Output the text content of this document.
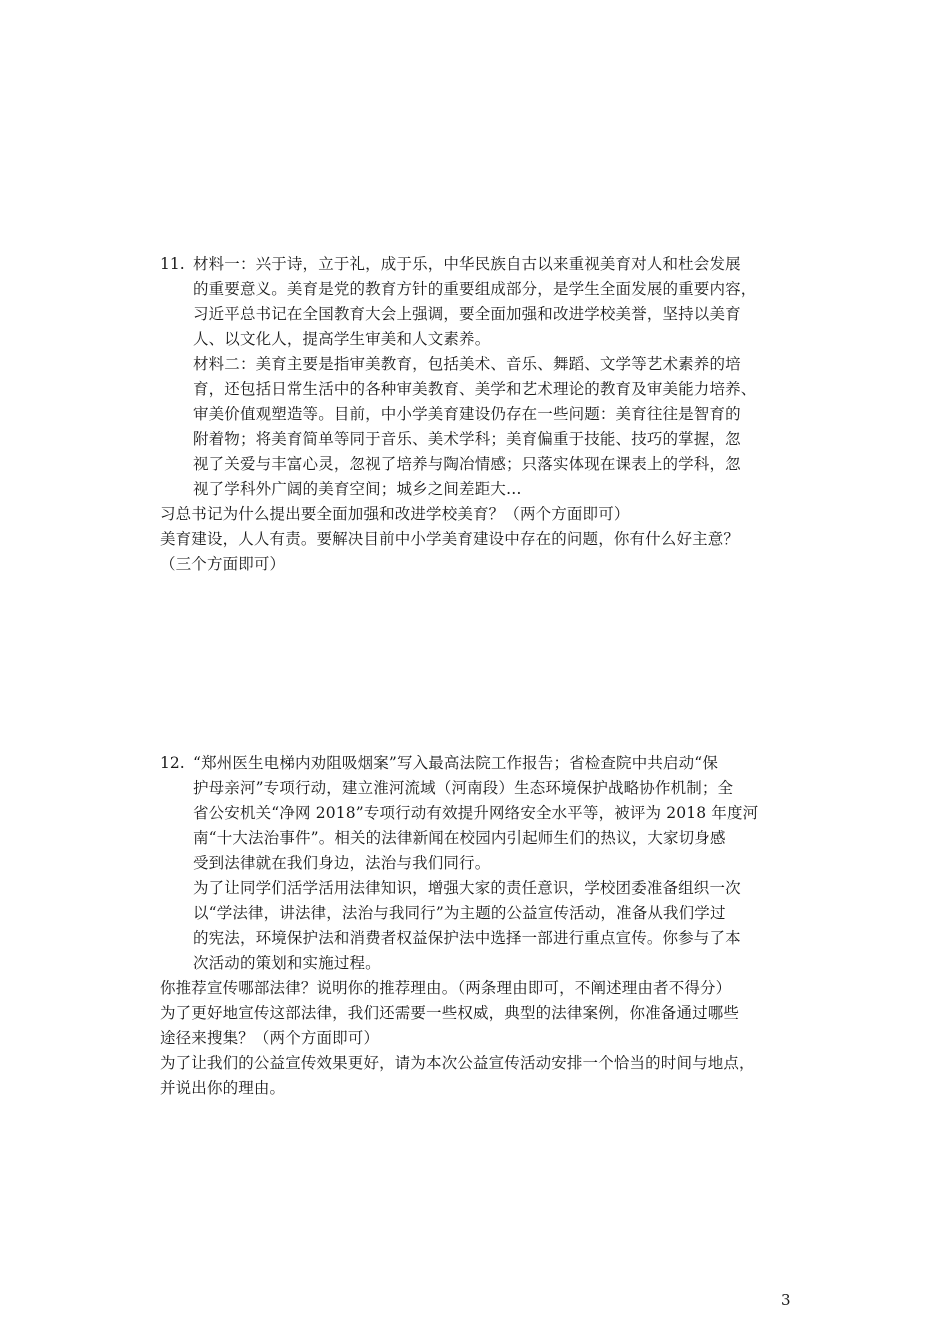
11. 材料一：兴于诗，立于礼，成于乐，中华民族自古以来重视美育对人和杜会发展
的重要意义。美育是党的教育方针的重要组成部分，是学生全面发展的重要内容，
习近平总书记在全国教育大会上强调，要全面加强和改进学校美誉，坚持以美育
人、以文化人，提高学生审美和人文素养。
材料二：美育主要是指审美教育，包括美术、音乐、舞蹈、文学等艺术素养的培
育，还包括日常生活中的各种审美教育、美学和艺术理论的教育及审美能力培养、
审美价值观塑造等。目前，中小学美育建设仍存在一些问题：美育往往是智育的
附着物；将美育简单等同于音乐、美术学科；美育偏重于技能、技巧的掌握，忽
视了关爱与丰富心灵，忽视了培养与陶冶情感；只落实体现在课表上的学科，忽
视了学科外广阔的美育空间；城乡之间差距大…
习总书记为什么提出要全面加强和改进学校美育？（两个方面即可）
美育建设，人人有责。要解决目前中小学美育建设中存在的问题，你有什么好主意？
（三个方面即可）
12. “郑州医生电梯内劝阻吸烟案”写入最高法院工作报告；省检查院中共启动“保
护母亲河”专项行动，建立淮河流域（河南段）生态环境保护战略协作机制；全
省公安机关“净网 2018”专项行动有效提升网络安全水平等，被评为 2018 年度河
南“十大法治事件”。相关的法律新闻在校园内引起师生们的热议，大家切身感
受到法律就在我们身边，法治与我们同行。
为了让同学们活学活用法律知识，增强大家的责任意识，学校团委准备组织一次
以“学法律，讲法律，法治与我同行”为主题的公益宣传活动，准备从我们学过
的宪法，环境保护法和消费者权益保护法中选择一部进行重点宣传。你参与了本
次活动的策划和实施过程。
你推荐宣传哪部法律？说明你的推荐理由。（两条理由即可，不阐述理由者不得分）
为了更好地宣传这部法律，我们还需要一些权威，典型的法律案例，你准备通过哪些
途径来搜集？（两个方面即可）
为了让我们的公益宣传效果更好，请为本次公益宣传活动安排一个恰当的时间与地点，
并说出你的理由。
3
